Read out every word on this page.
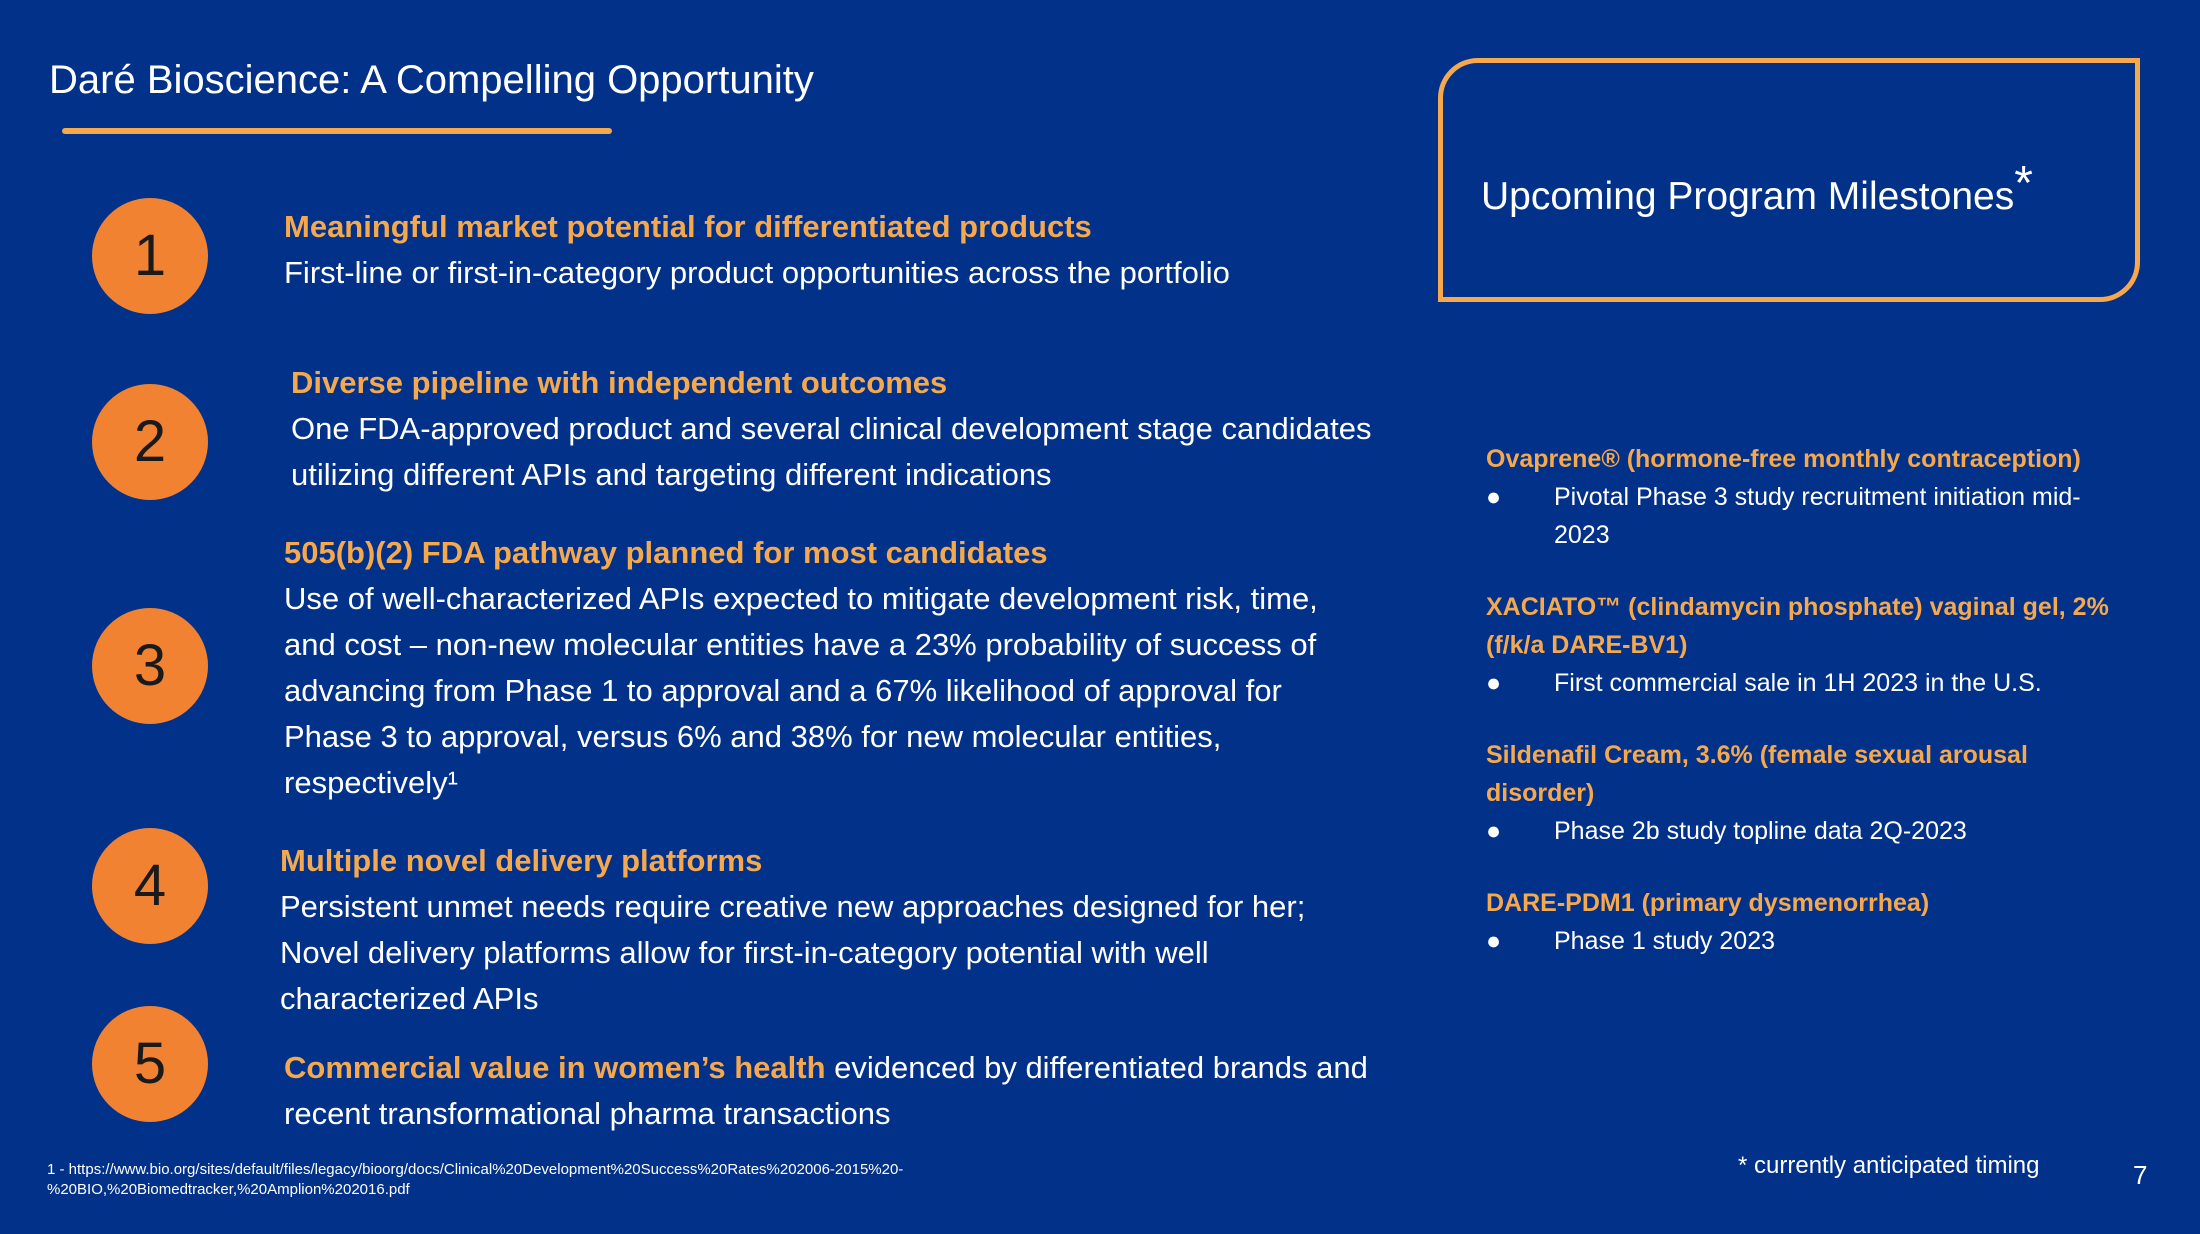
Daré Bioscience: A Compelling Opportunity
1	Meaningful market potential for differentiated products
First-line or first-in-category product opportunities across the portfolio
2
Diverse pipeline with independent outcomes
One FDA-approved product and several clinical development stage candidates
utilizing different APIs and targeting different indications
3
505(b)(2) FDA pathway planned for most candidates
Use of well-characterized APIs expected to mitigate development risk, time,
and cost – non-new molecular entities have a 23% probability of success of
advancing from Phase 1 to approval and a 67% likelihood of approval for
Phase 3 to approval, versus 6% and 38% for new molecular entities,
respectively¹
4	Multiple novel delivery platforms
Persistent unmet needs require creative new approaches designed for her;
Novel delivery platforms allow for first-in-category potential with well
characterized APIs
5	Commercial value in women’s health evidenced by differentiated brands and
recent transformational pharma transactions
Upcoming Program Milestones*
Ovaprene® (hormone-free monthly contraception)
●	Pivotal Phase 3 study recruitment initiation mid-2023
XACIATO™ (clindamycin phosphate) vaginal gel, 2% (f/k/a DARE-BV1)
●	First commercial sale in 1H 2023 in the U.S.
Sildenafil Cream, 3.6% (female sexual arousal disorder)
●	Phase 2b study topline data 2Q-2023
DARE-PDM1 (primary dysmenorrhea)
●	Phase 1 study 2023
1 - https://www.bio.org/sites/default/files/legacy/bioorg/docs/Clinical%20Development%20Success%20Rates%202006-2015%20-
%20BIO,%20Biomedtracker,%20Amplion%202016.pdf
* currently anticipated timing	7
